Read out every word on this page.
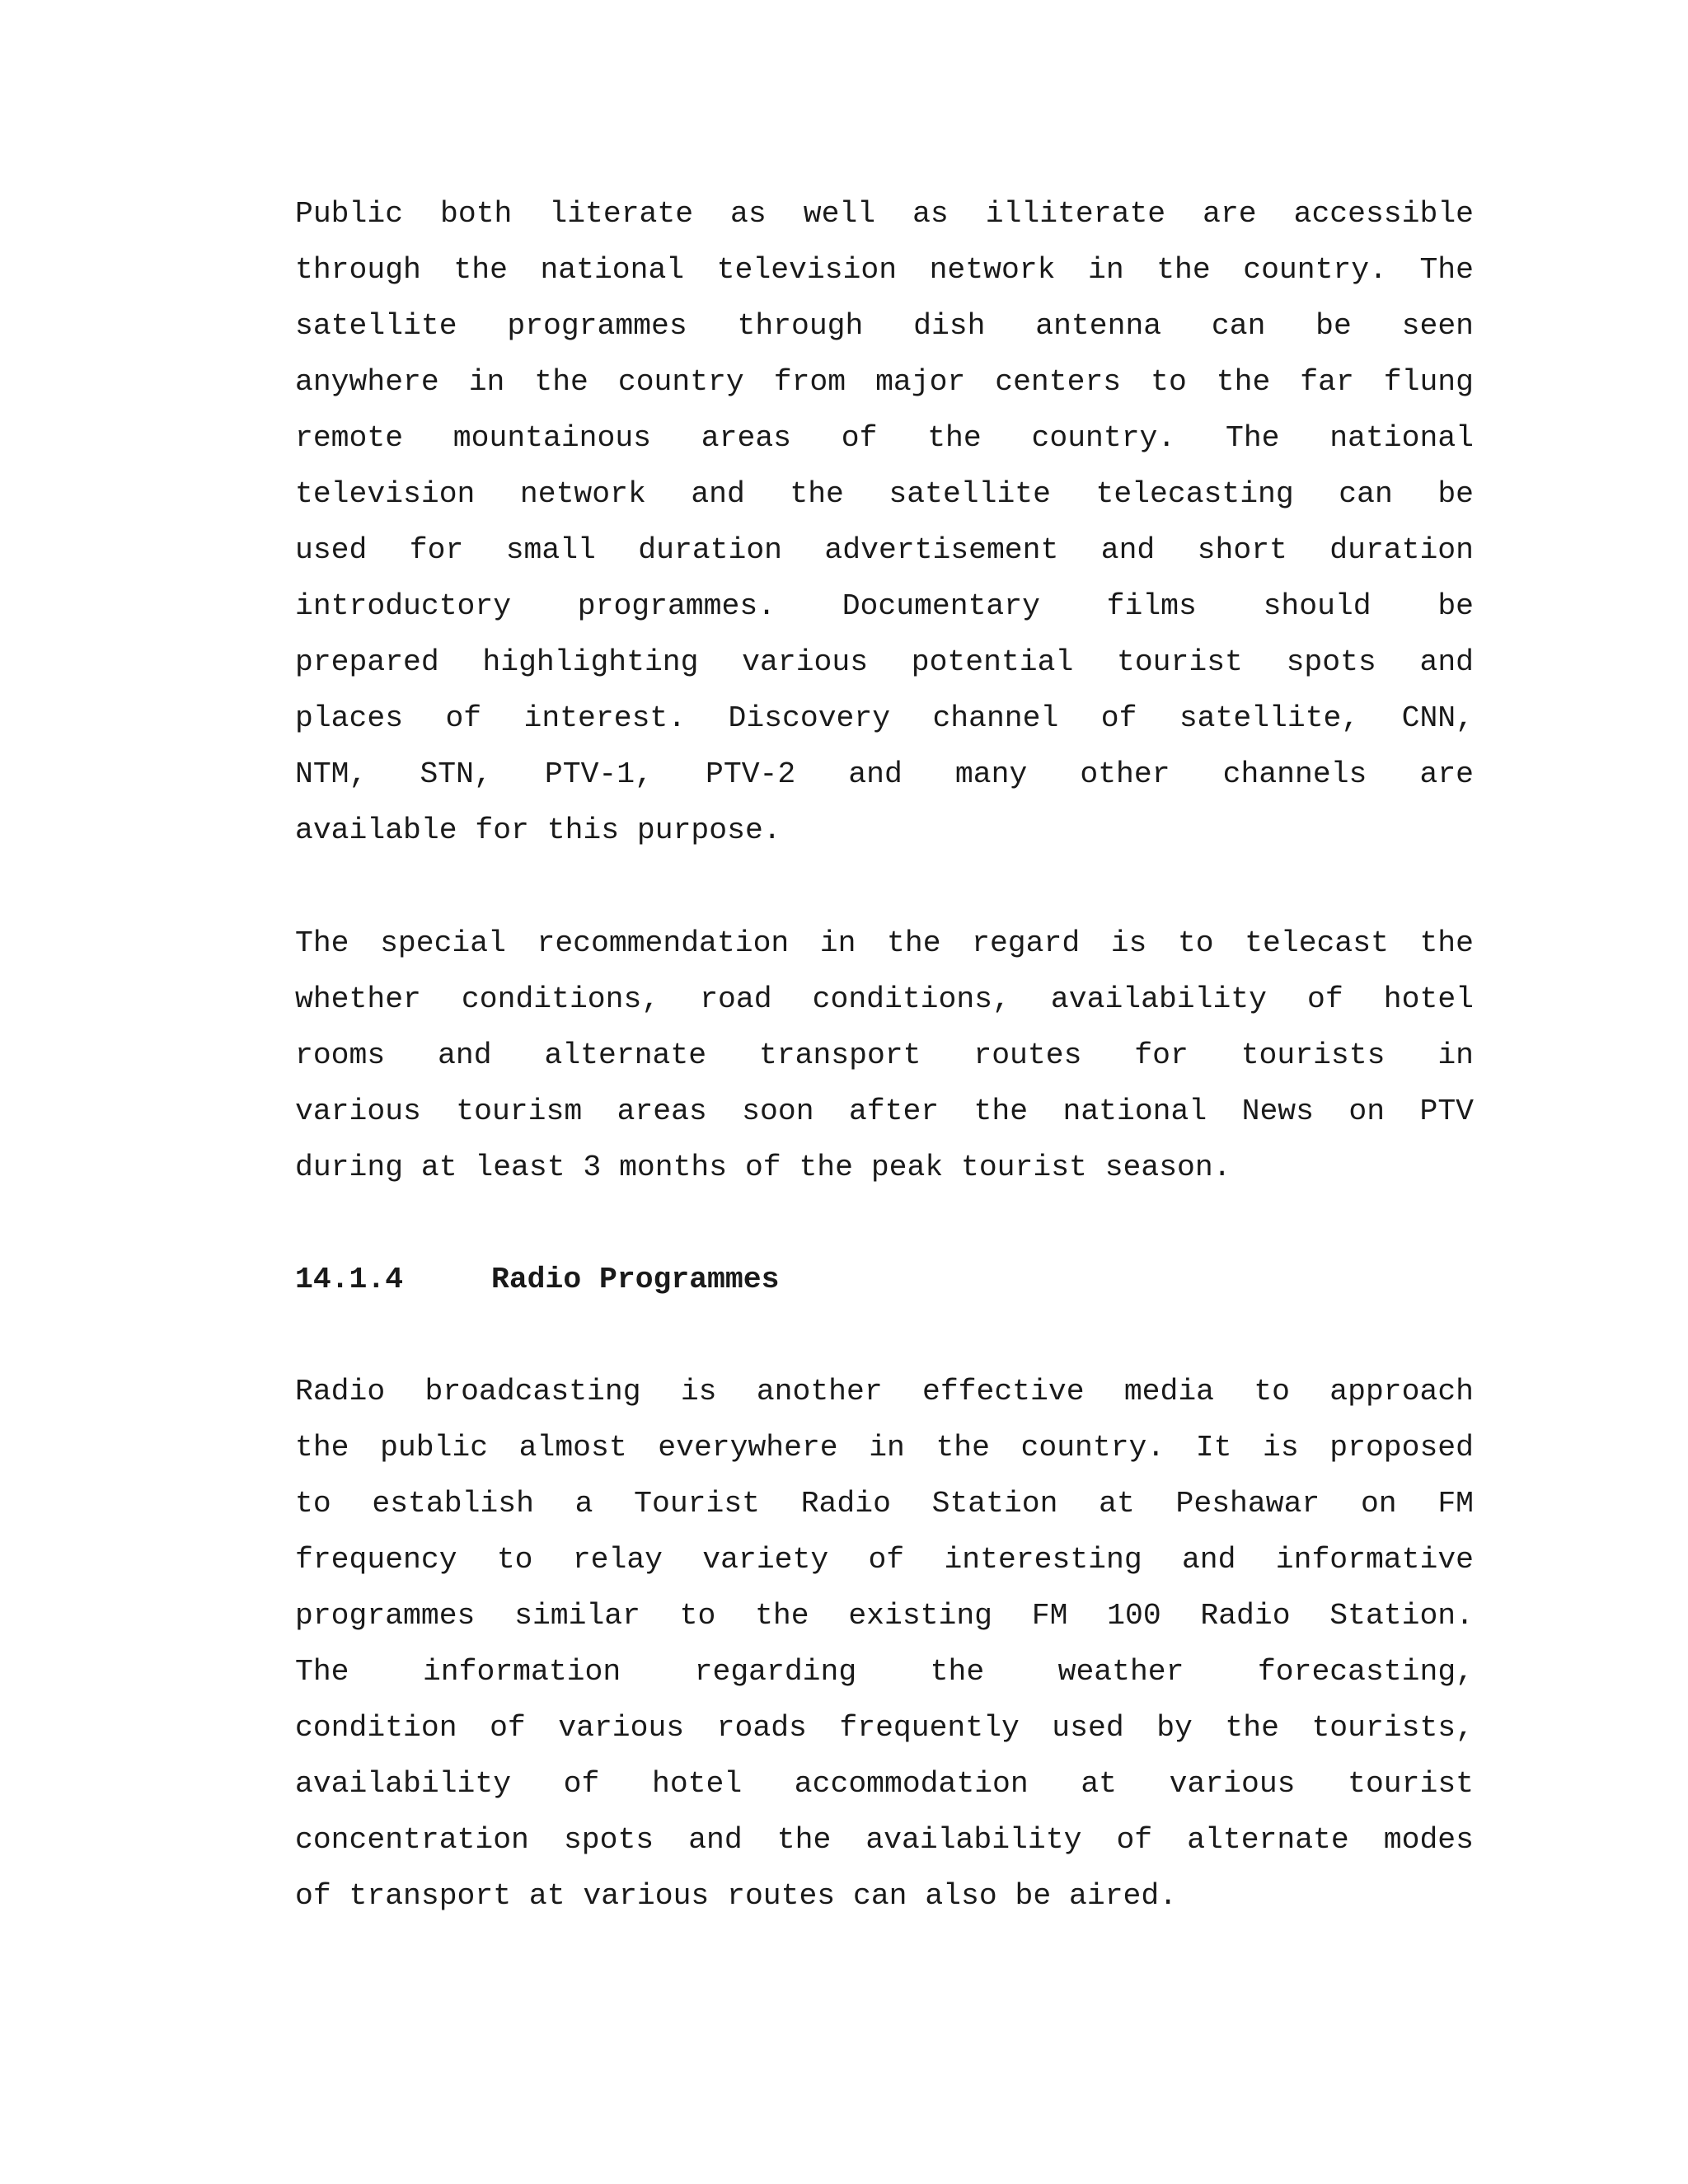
Public both literate as well as illiterate are accessible
through the national television network in the country. The
satellite programmes through dish antenna can be seen
anywhere in the country from major centers to the far flung
remote mountainous areas of the country. The national
television network and the satellite telecasting can be
used for small duration advertisement and short duration
introductory programmes. Documentary films should be
prepared highlighting various potential tourist spots and
places of interest. Discovery channel of satellite, CNN,
NTM, STN, PTV-1, PTV-2 and many other channels are
available for this purpose.
The special recommendation in the regard is to telecast the
whether conditions, road conditions, availability of hotel
rooms and alternate transport routes for tourists in
various tourism areas soon after the national News on PTV
during at least 3 months of the peak tourist season.
14.1.4	Radio Programmes
Radio broadcasting is another effective media to approach
the public almost everywhere in the country. It is proposed
to establish a Tourist Radio Station at Peshawar on FM
frequency to relay variety of interesting and informative
programmes similar to the existing FM 100 Radio Station.
The information regarding the weather forecasting,
condition of various roads frequently used by the tourists,
availability of hotel accommodation at various tourist
concentration spots and the availability of alternate modes
of transport at various routes can also be aired.
